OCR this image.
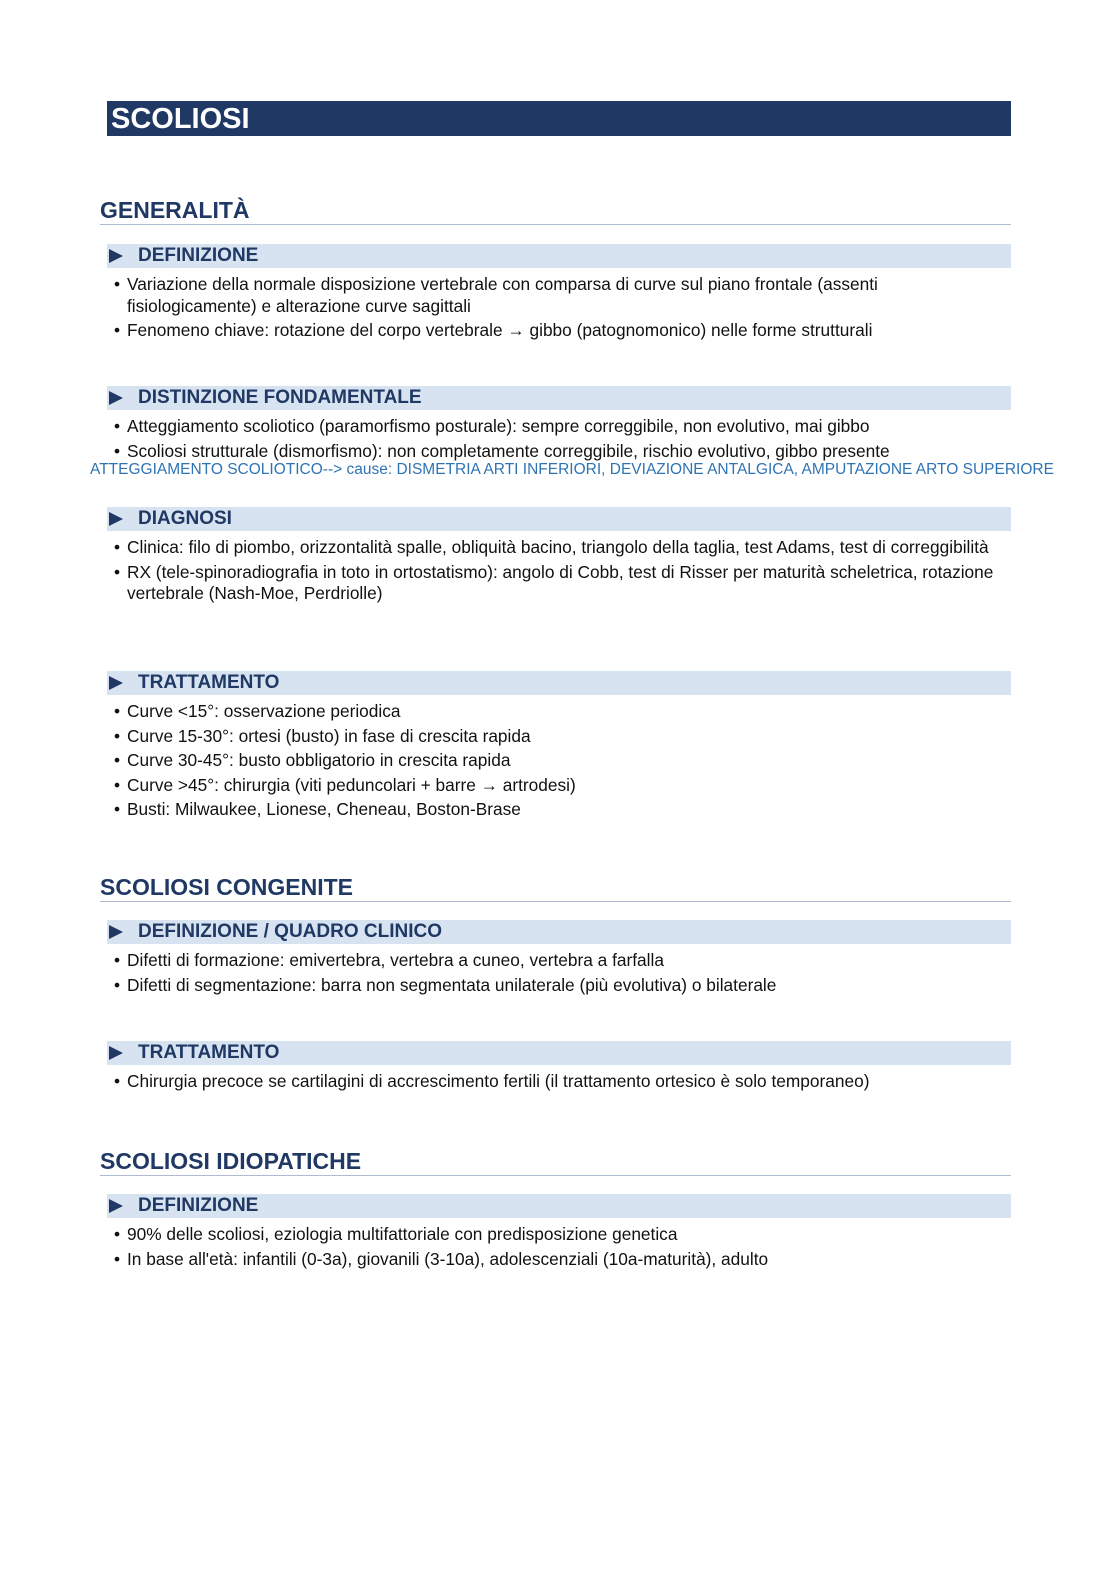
SCOLIOSI
GENERALITÀ
DEFINIZIONE
• Variazione della normale disposizione vertebrale con comparsa di curve sul piano frontale (assenti fisiologicamente) e alterazione curve sagittali
• Fenomeno chiave: rotazione del corpo vertebrale → gibbo (patognomonico) nelle forme strutturali
DISTINZIONE FONDAMENTALE
• Atteggiamento scoliotico (paramorfismo posturale): sempre correggibile, non evolutivo, mai gibbo
• Scoliosi strutturale (dismorfismo): non completamente correggibile, rischio evolutivo, gibbo presente
ATTEGGIAMENTO SCOLIOTICO--> cause: DISMETRIA ARTI INFERIORI, DEVIAZIONE ANTALGICA, AMPUTAZIONE ARTO SUPERIORE
DIAGNOSI
• Clinica: filo di piombo, orizzontalità spalle, obliquità bacino, triangolo della taglia, test Adams, test di correggibilità
• RX (tele-spinoradiografia in toto in ortostatismo): angolo di Cobb, test di Risser per maturità scheletrica, rotazione vertebrale (Nash-Moe, Perdriolle)
TRATTAMENTO
• Curve <15°: osservazione periodica
• Curve 15-30°: ortesi (busto) in fase di crescita rapida
• Curve 30-45°: busto obbligatorio in crescita rapida
• Curve >45°: chirurgia (viti peduncolari + barre → artrodesi)
• Busti: Milwaukee, Lionese, Cheneau, Boston-Brase
SCOLIOSI CONGENITE
DEFINIZIONE / QUADRO CLINICO
• Difetti di formazione: emivertebra, vertebra a cuneo, vertebra a farfalla
• Difetti di segmentazione: barra non segmentata unilaterale (più evolutiva) o bilaterale
TRATTAMENTO
• Chirurgia precoce se cartilagini di accrescimento fertili (il trattamento ortesico è solo temporaneo)
SCOLIOSI IDIOPATICHE
DEFINIZIONE
• 90% delle scoliosi, eziologia multifattoriale con predisposizione genetica
• In base all'età: infantili (0-3a), giovanili (3-10a), adolescenziali (10a-maturità), adulto
